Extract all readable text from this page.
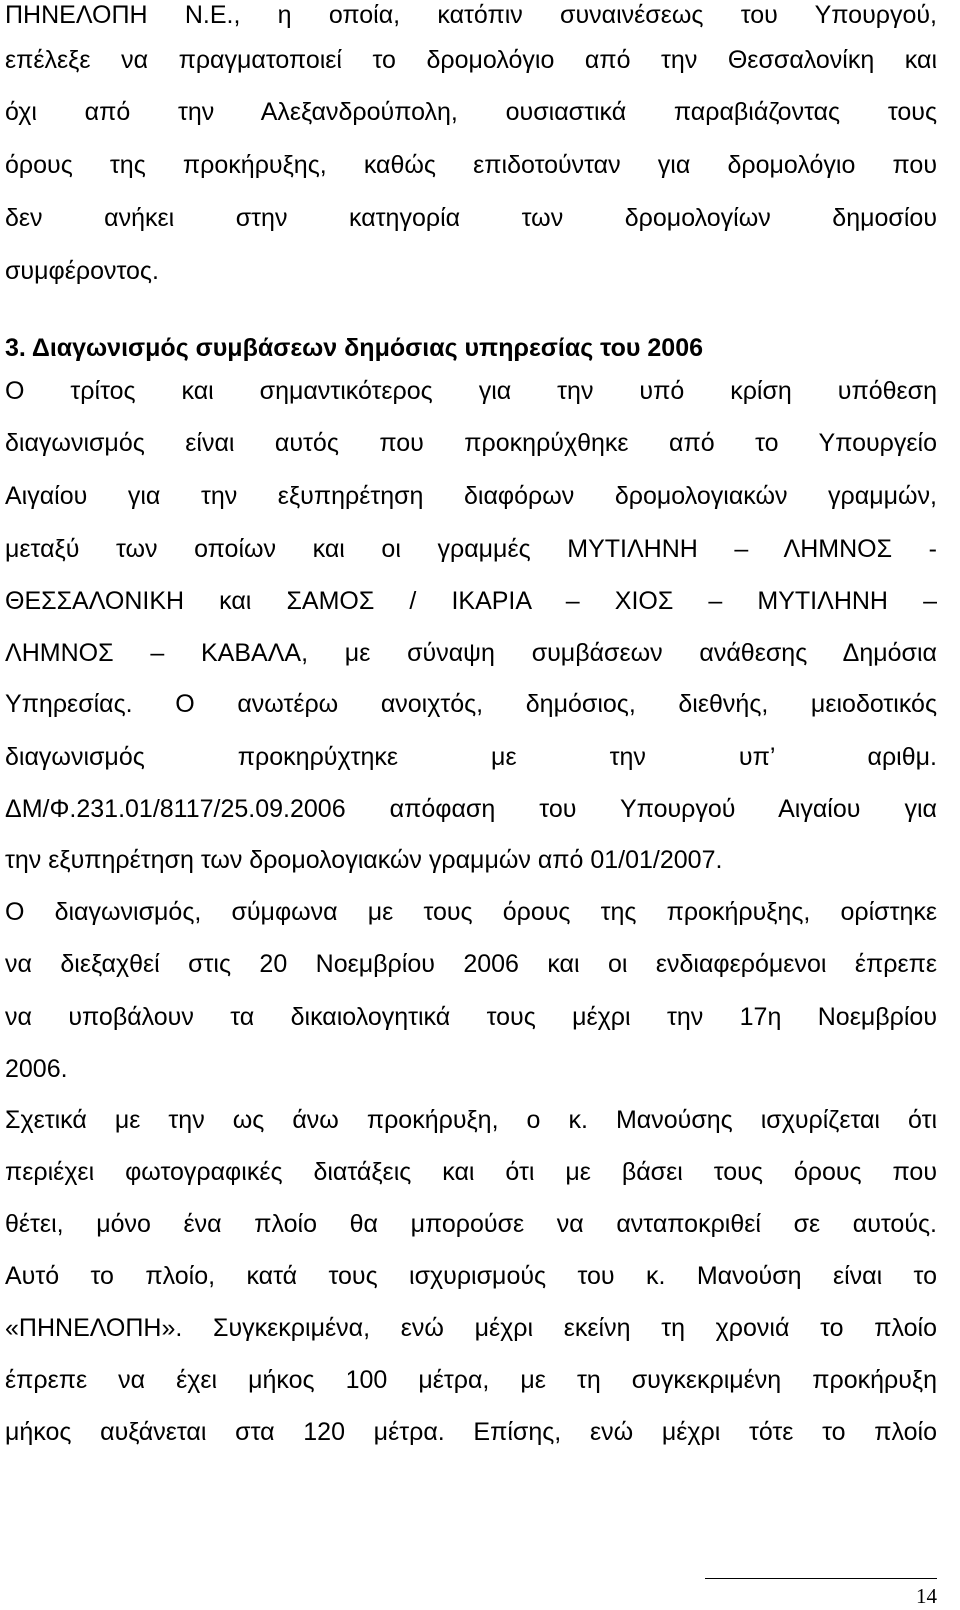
ΠΗΝΕΛΟΠΗ Ν.Ε., η οποία, κατόπιν συναινέσεως του Υπουργού,

επέλεξε να πραγματοποιεί το δρομολόγιο από την Θεσσαλονίκη και

όχι από την Αλεξανδρούπολη, ουσιαστικά παραβιάζοντας τους

όρους της προκήρυξης, καθώς επιδοτούνταν για δρομολόγιο που

δεν ανήκει στην κατηγορία των δρομολογίων δημοσίου

συμφέροντος.

3. Διαγωνισμός συμβάσεων δημόσιας υπηρεσίας του 2006

Ο τρίτος και σημαντικότερος για την υπό κρίση υπόθεση

διαγωνισμός είναι αυτός που προκηρύχθηκε από το Υπουργείο

Αιγαίου για την εξυπηρέτηση διαφόρων δρομολογιακών γραμμών,

μεταξύ των οποίων και οι γραμμές ΜΥΤΙΛΗΝΗ – ΛΗΜΝΟΣ -

ΘΕΣΣΑΛΟΝΙΚΗ και ΣΑΜΟΣ / ΙΚΑΡΙΑ – ΧΙΟΣ – ΜΥΤΙΛΗΝΗ –

ΛΗΜΝΟΣ – ΚΑΒΑΛΑ, με σύναψη συμβάσεων ανάθεσης Δημόσια

Υπηρεσίας. Ο ανωτέρω ανοιχτός, δημόσιος, διεθνής, μειοδοτικός

διαγωνισμός προκηρύχτηκε με την υπ’ αριθμ.

ΔΜ/Φ.231.01/8117/25.09.2006 απόφαση του Υπουργού Αιγαίου για

την εξυπηρέτηση των δρομολογιακών γραμμών από 01/01/2007.

Ο διαγωνισμός, σύμφωνα με τους όρους της προκήρυξης, ορίστηκε

να διεξαχθεί στις 20 Νοεμβρίου 2006 και οι ενδιαφερόμενοι έπρεπε

να υποβάλουν τα δικαιολογητικά τους μέχρι την 17η Νοεμβρίου

2006.

Σχετικά με την ως άνω προκήρυξη, ο κ. Μανούσης ισχυρίζεται ότι

περιέχει φωτογραφικές διατάξεις και ότι με βάσει τους όρους που

θέτει, μόνο ένα πλοίο θα μπορούσε να ανταποκριθεί σε αυτούς.

Αυτό το πλοίο, κατά τους ισχυρισμούς του κ. Μανούση είναι το

«ΠΗΝΕΛΟΠΗ». Συγκεκριμένα, ενώ μέχρι εκείνη τη χρονιά το πλοίο

έπρεπε να έχει μήκος 100 μέτρα, με τη συγκεκριμένη προκήρυξη

μήκος αυξάνεται στα 120 μέτρα. Επίσης, ενώ μέχρι τότε το πλοίο

14
